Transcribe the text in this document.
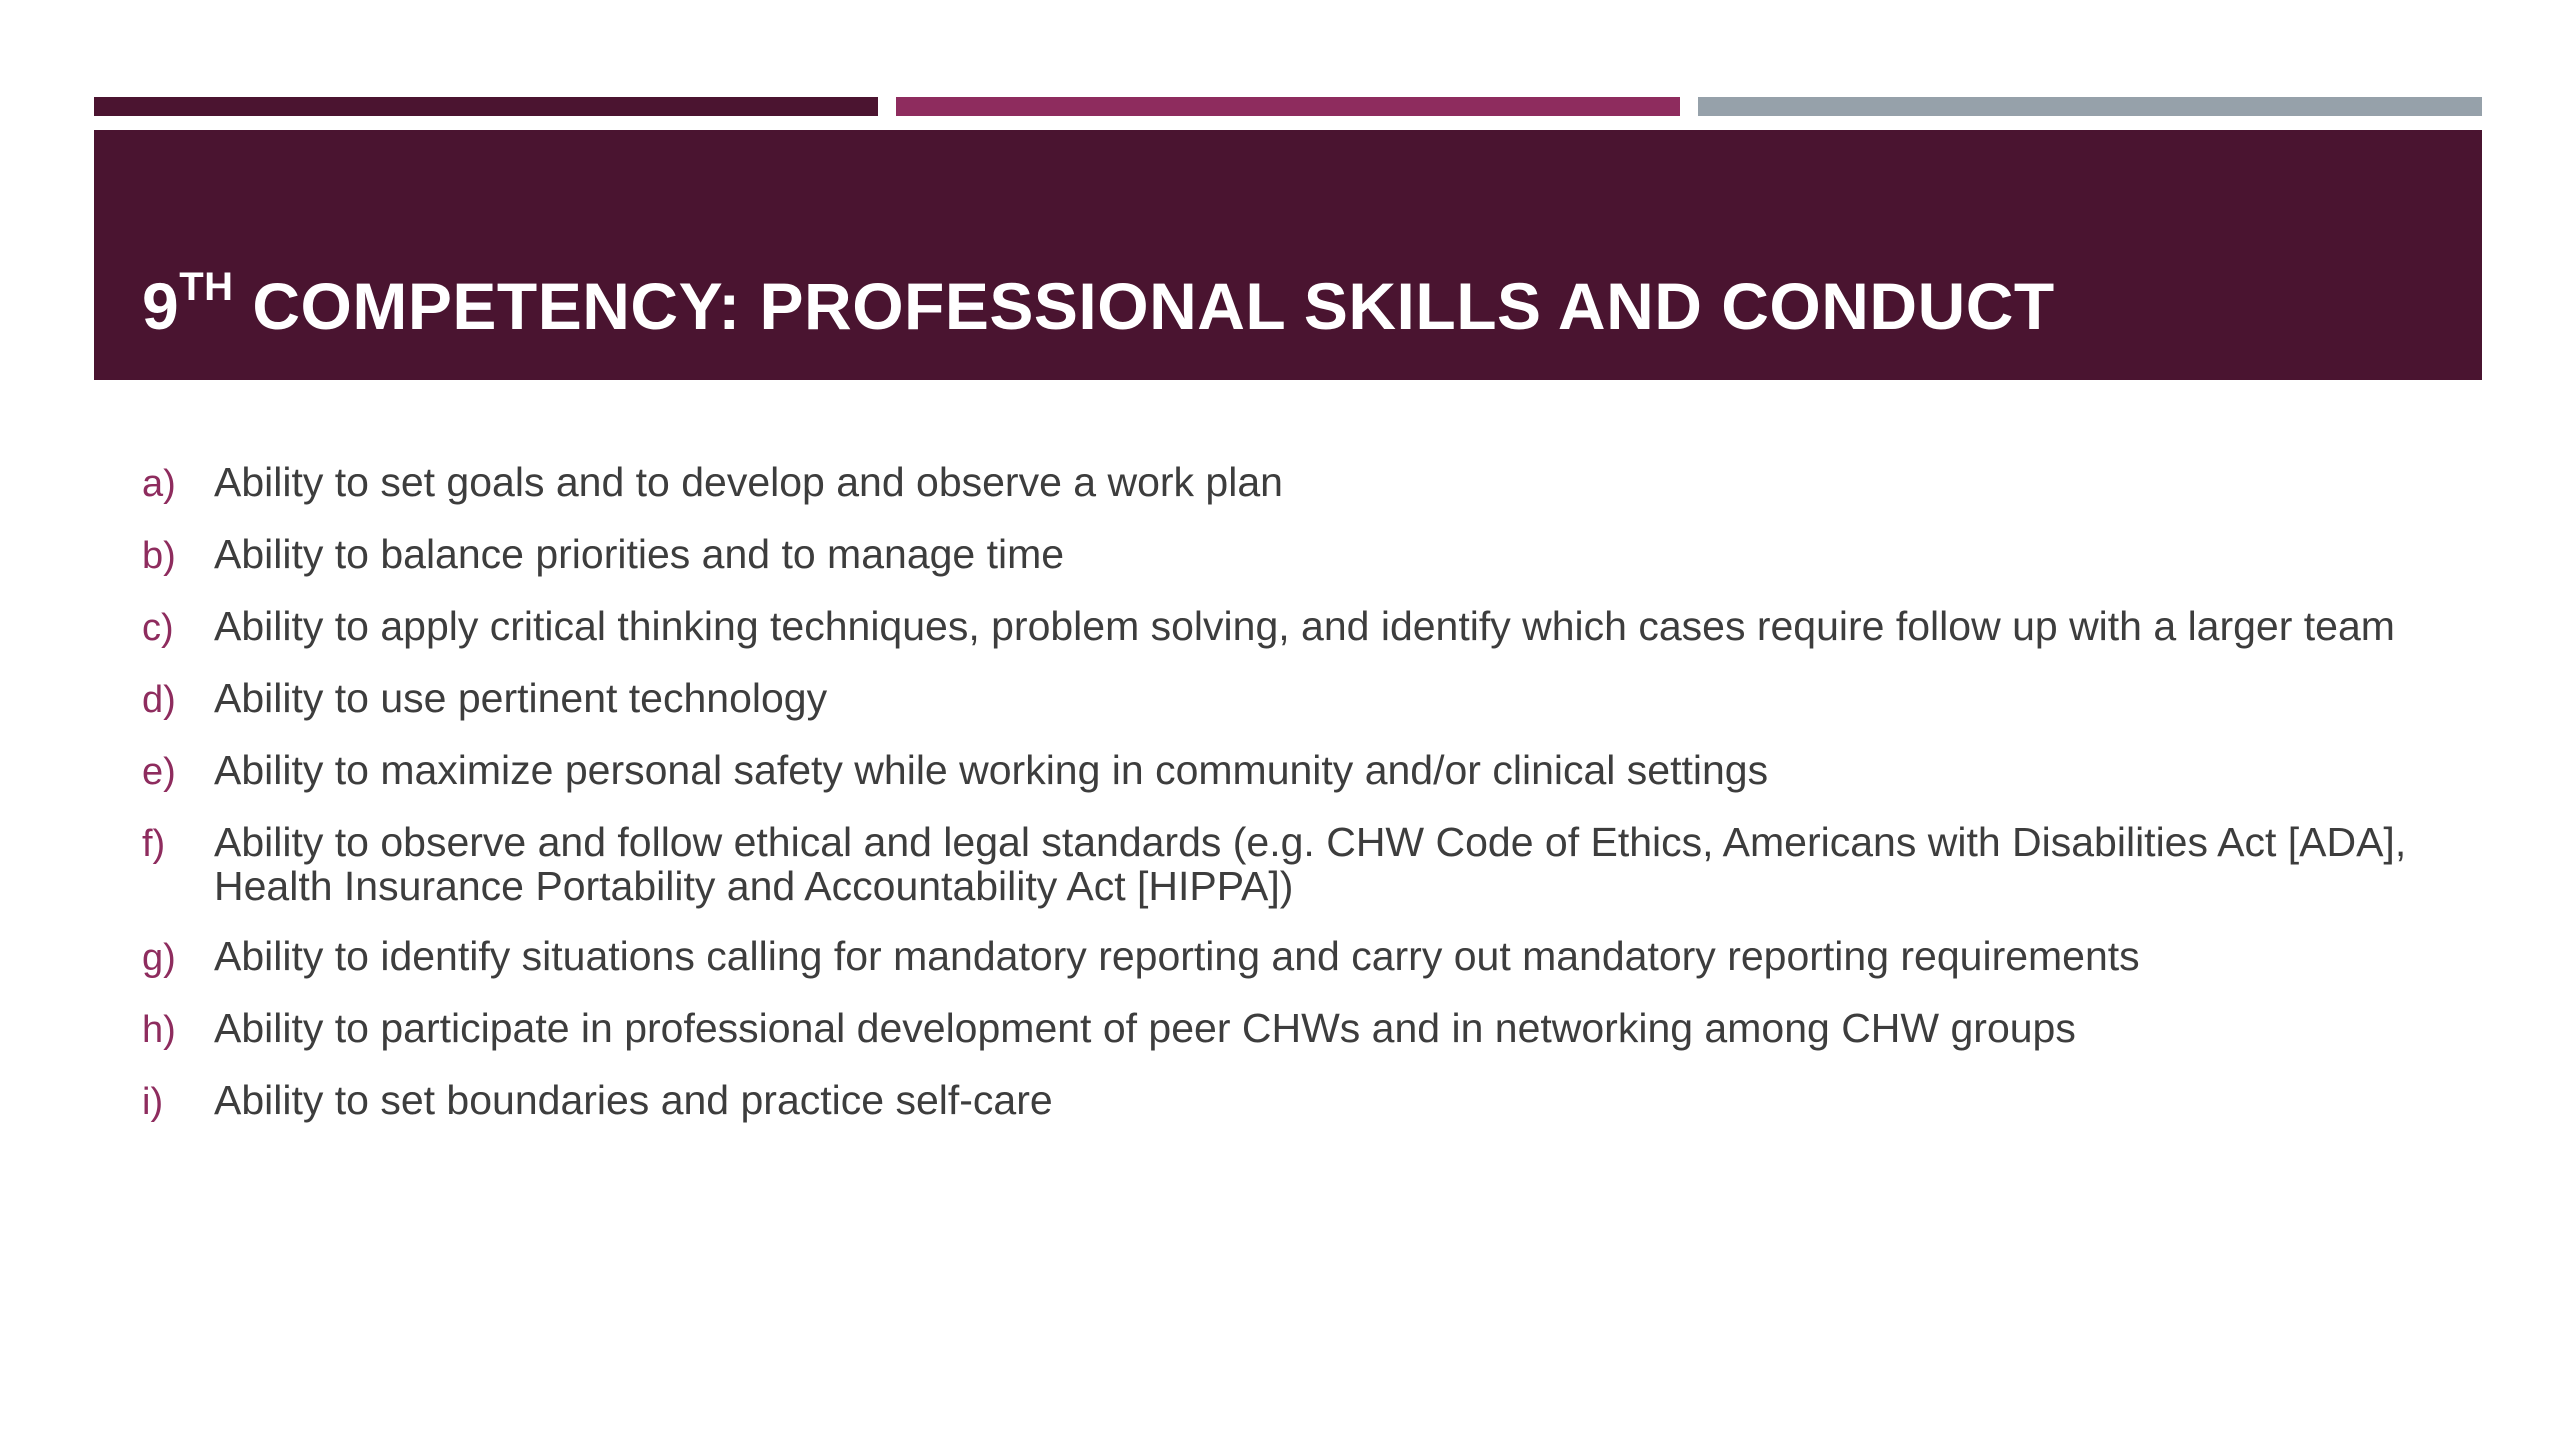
9TH COMPETENCY: PROFESSIONAL SKILLS AND CONDUCT
a) Ability to set goals and to develop and observe a work plan
b) Ability to balance priorities and to manage time
c) Ability to apply critical thinking techniques, problem solving, and identify which cases require follow up with a larger team
d) Ability to use pertinent technology
e) Ability to maximize personal safety while working in community and/or clinical settings
f)	Ability to observe and follow ethical and legal standards (e.g. CHW Code of Ethics, Americans with Disabilities Act [ADA], Health Insurance Portability and Accountability Act [HIPPA])
g) Ability to identify situations calling for mandatory reporting and carry out mandatory reporting requirements
h) Ability to participate in professional development of peer CHWs and in networking among CHW groups
i)	Ability to set boundaries and practice self-care
